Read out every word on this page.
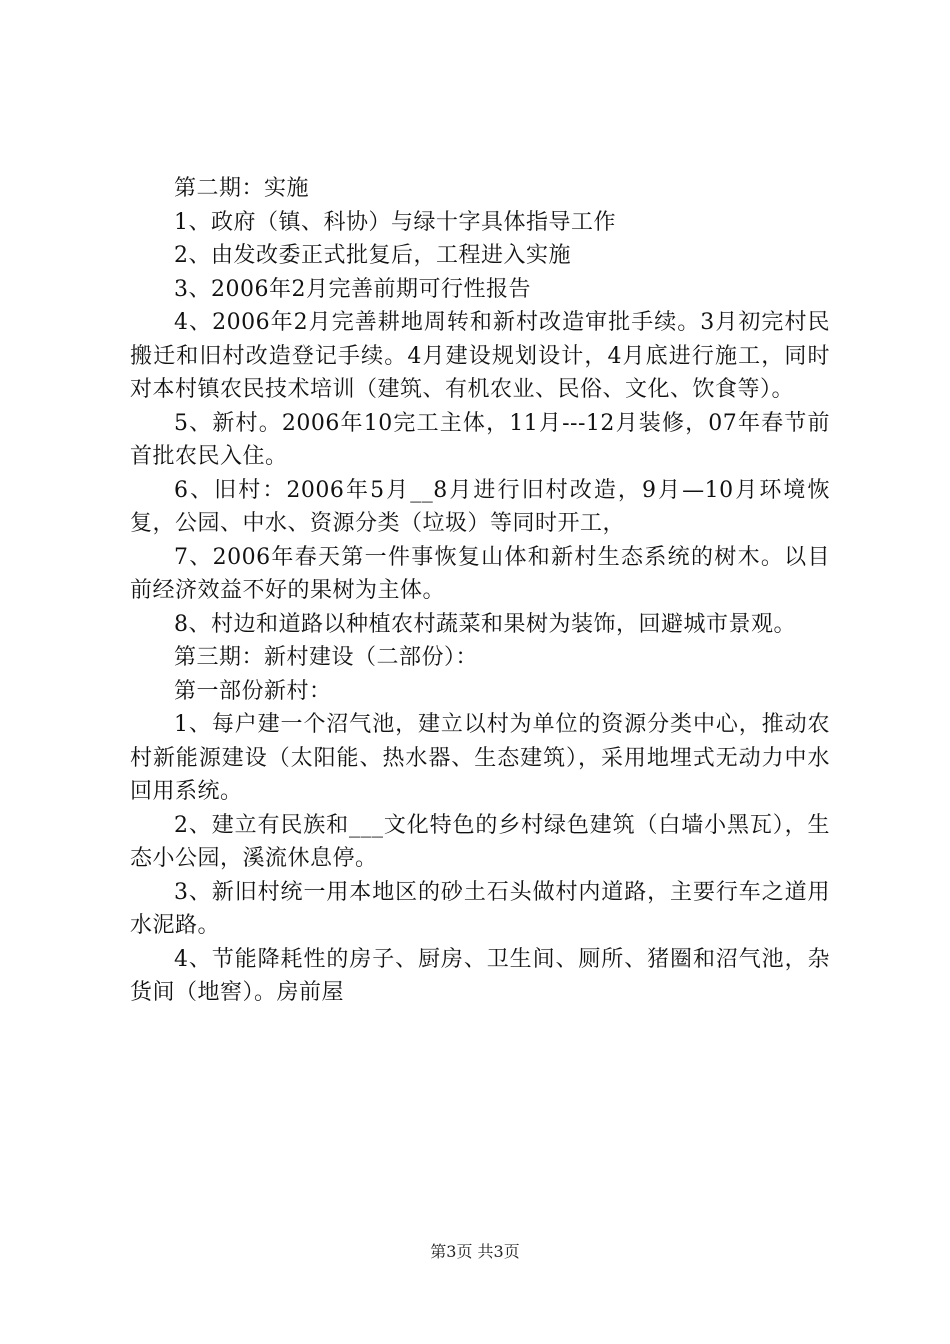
第二期：实施

1、政府（镇、科协）与绿十字具体指导工作

2、由发改委正式批复后，工程进入实施

3、2006年2月完善前期可行性报告

4、2006年2月完善耕地周转和新村改造审批手续。3月初完村民搬迁和旧村改造登记手续。4月建设规划设计，4月底进行施工，同时对本村镇农民技术培训（建筑、有机农业、民俗、文化、饮食等）。

5、新村。2006年10完工主体，11月---12月装修，07年春节前首批农民入住。

6、旧村：2006年5月__8月进行旧村改造，9月—10月环境恢复，公园、中水、资源分类（垃圾）等同时开工，

7、2006年春天第一件事恢复山体和新村生态系统的树木。以目前经济效益不好的果树为主体。

8、村边和道路以种植农村蔬菜和果树为装饰，回避城市景观。

第三期：新村建设（二部份）：

第一部份新村：

1、每户建一个沼气池，建立以村为单位的资源分类中心，推动农村新能源建设（太阳能、热水器、生态建筑），采用地埋式无动力中水回用系统。

2、建立有民族和___文化特色的乡村绿色建筑（白墙小黑瓦），生态小公园，溪流休息停。

3、新旧村统一用本地区的砂土石头做村内道路，主要行车之道用水泥路。

4、节能降耗性的房子、厨房、卫生间、厕所、猪圈和沼气池，杂货间（地窖）。房前屋

第3页 共3页
